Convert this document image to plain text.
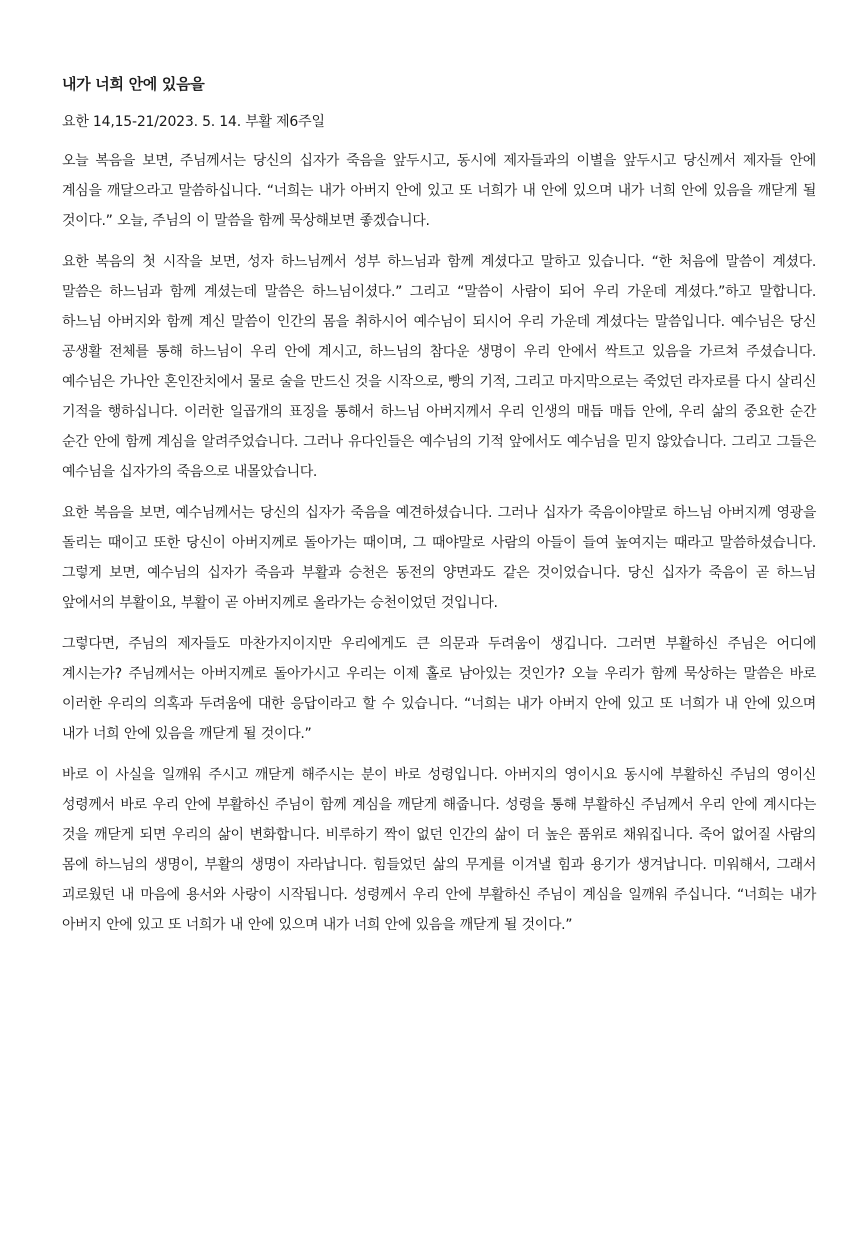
내가 너희 안에 있음을
요한 14,15-21/2023. 5. 14. 부활 제6주일

오늘 복음을 보면, 주님께서는 당신의 십자가 죽음을 앞두시고, 동시에 제자들과의 이별을 앞두시고 당신께서 제자들 안에 계심을 깨달으라고 말씀하십니다. “너희는 내가 아버지 안에 있고 또 너희가 내 안에 있으며 내가 너희 안에 있음을 깨닫게 될 것이다.” 오늘, 주님의 이 말씀을 함께 묵상해보면 좋겠습니다.

요한 복음의 첫 시작을 보면, 성자 하느님께서 성부 하느님과 함께 계셨다고 말하고 있습니다. “한 처음에 말씀이 계셨다. 말씀은 하느님과 함께 계셨는데 말씀은 하느님이셨다.” 그리고 “말씀이 사람이 되어 우리 가운데 계셨다.”하고 말합니다. 하느님 아버지와 함께 계신 말씀이 인간의 몸을 취하시어 예수님이 되시어 우리 가운데 계셨다는 말씀입니다. 예수님은 당신 공생활 전체를 통해 하느님이 우리 안에 계시고, 하느님의 참다운 생명이 우리 안에서 싹트고 있음을 가르쳐 주셨습니다. 예수님은 가나안 혼인잔치에서 물로 술을 만드신 것을 시작으로, 빵의 기적, 그리고 마지막으로는 죽었던 라자로를 다시 살리신 기적을 행하십니다. 이러한 일곱개의 표징을 통해서 하느님 아버지께서 우리 인생의 매듭 매듭 안에, 우리 삶의 중요한 순간 순간 안에 함께 계심을 알려주었습니다. 그러나 유다인들은 예수님의 기적 앞에서도 예수님을 믿지 않았습니다. 그리고 그들은 예수님을 십자가의 죽음으로 내몰았습니다.

요한 복음을 보면, 예수님께서는 당신의 십자가 죽음을 예견하셨습니다. 그러나 십자가 죽음이야말로 하느님 아버지께 영광을 돌리는 때이고 또한 당신이 아버지께로 돌아가는 때이며, 그 때야말로 사람의 아들이 들여 높여지는 때라고 말씀하셨습니다. 그렇게 보면, 예수님의 십자가 죽음과 부활과 승천은 동전의 양면과도 같은 것이었습니다. 당신 십자가 죽음이 곧 하느님 앞에서의 부활이요, 부활이 곧 아버지께로 올라가는 승천이었던 것입니다.

그렇다면, 주님의 제자들도 마찬가지이지만 우리에게도 큰 의문과 두려움이 생깁니다. 그러면 부활하신 주님은 어디에 계시는가? 주님께서는 아버지께로 돌아가시고 우리는 이제 홀로 남아있는 것인가? 오늘 우리가 함께 묵상하는 말씀은 바로 이러한 우리의 의혹과 두려움에 대한 응답이라고 할 수 있습니다. “너희는 내가 아버지 안에 있고 또 너희가 내 안에 있으며 내가 너희 안에 있음을 깨닫게 될 것이다.”

바로 이 사실을 일깨워 주시고 깨닫게 해주시는 분이 바로 성령입니다. 아버지의 영이시요 동시에 부활하신 주님의 영이신 성령께서 바로 우리 안에 부활하신 주님이 함께 계심을 깨닫게 해줍니다. 성령을 통해 부활하신 주님께서 우리 안에 계시다는 것을 깨닫게 되면 우리의 삶이 변화합니다. 비루하기 짝이 없던 인간의 삶이 더 높은 품위로 채워집니다. 죽어 없어질 사람의 몸에 하느님의 생명이, 부활의 생명이 자라납니다. 힘들었던 삶의 무게를 이겨낼 힘과 용기가 생겨납니다. 미워해서, 그래서 괴로웠던 내 마음에 용서와 사랑이 시작됩니다. 성령께서 우리 안에 부활하신 주님이 계심을 일깨워 주십니다. “너희는 내가 아버지 안에 있고 또 너희가 내 안에 있으며 내가 너희 안에 있음을 깨닫게 될 것이다.”
